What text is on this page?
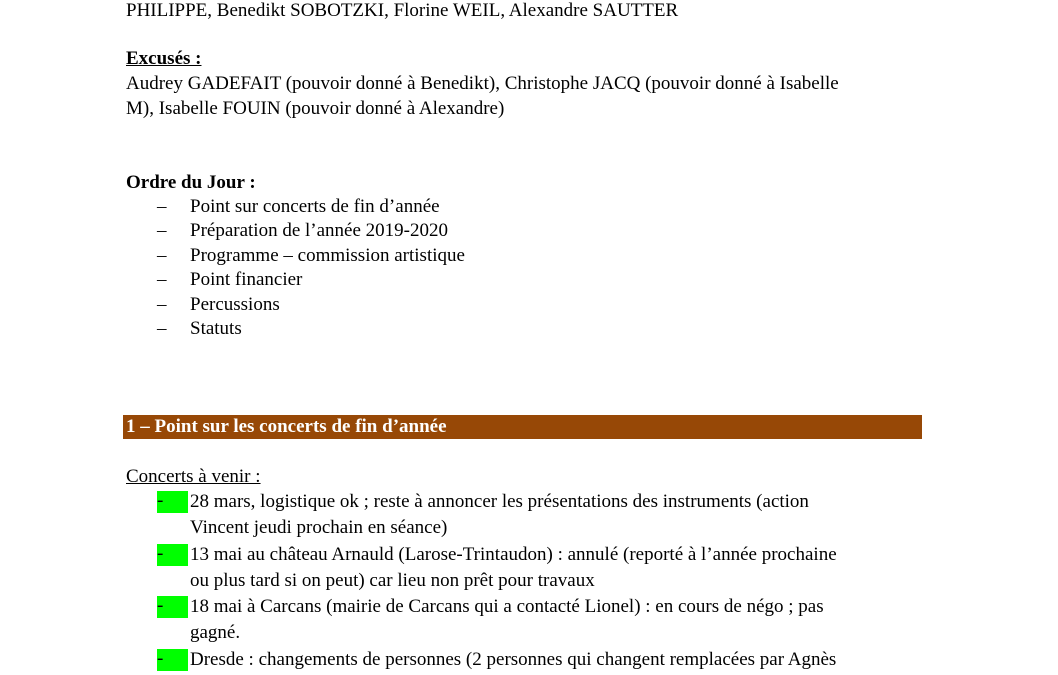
PHILIPPE, Benedikt SOBOTZKI, Florine WEIL, Alexandre SAUTTER
Excusés :
Audrey GADEFAIT (pouvoir donné à Benedikt), Christophe JACQ (pouvoir donné à Isabelle
M), Isabelle FOUIN (pouvoir donné à Alexandre)
Ordre du Jour :
– Point sur concerts de fin d’année
– Préparation de l’année 2019-2020
– Programme – commission artistique
– Point financier
– Percussions
– Statuts
1 – Point sur les concerts de fin d’année
Concerts à venir :
-	28 mars, logistique ok ; reste à annoncer les présentations des instruments (action
Vincent jeudi prochain en séance)
-	13 mai au château Arnauld (Larose-Trintaudon) : annulé (reporté à l’année prochaine
ou plus tard si on peut) car lieu non prêt pour travaux
-	18 mai à Carcans (mairie de Carcans qui a contacté Lionel) : en cours de négo ; pas
gagné.
-	Dresde : changements de personnes (2 personnes qui changent remplacées par Agnès
